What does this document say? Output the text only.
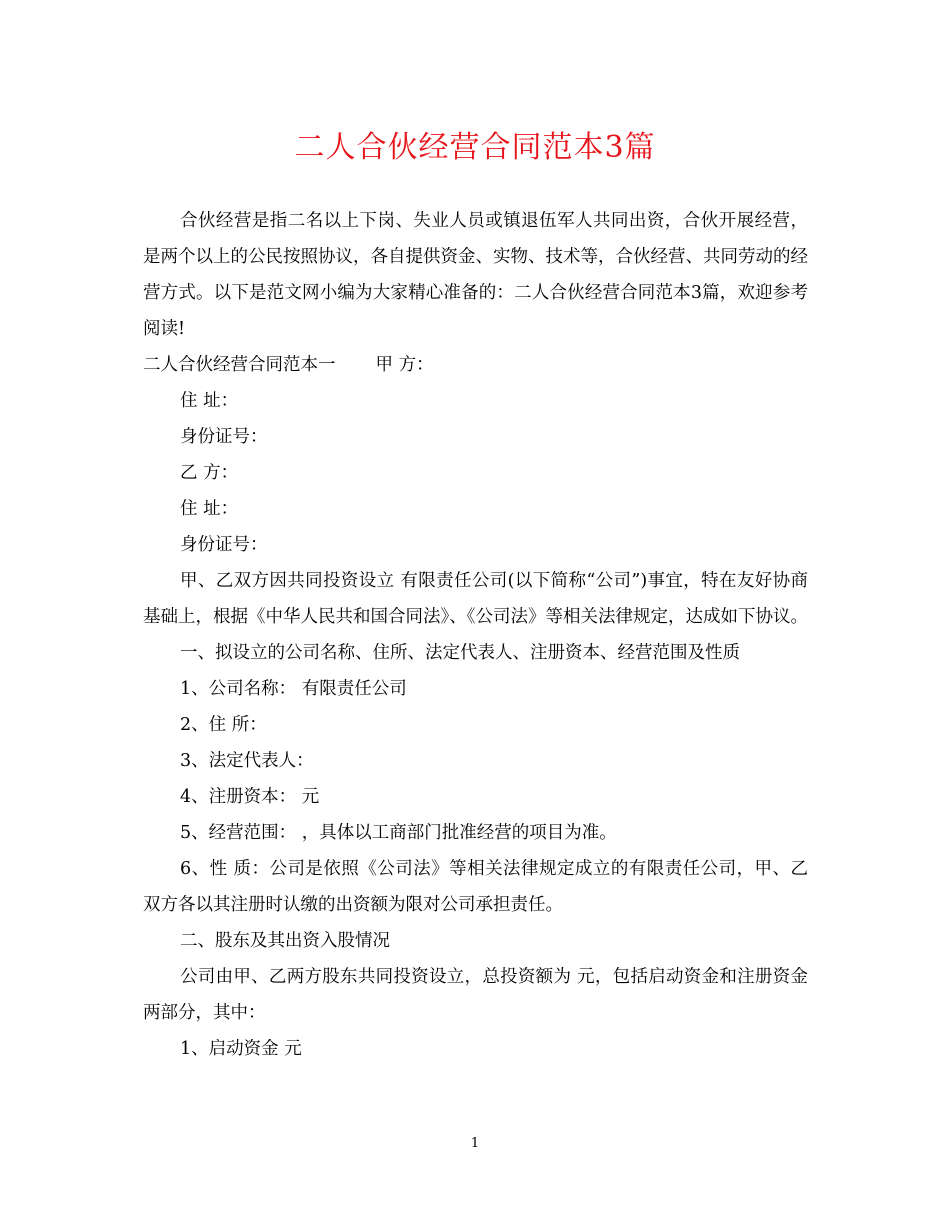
二人合伙经营合同范本3篇

合伙经营是指二名以上下岗、失业人员或镇退伍军人共同出资，合伙开展经营，是两个以上的公民按照协议，各自提供资金、实物、技术等，合伙经营、共同劳动的经营方式。以下是范文网小编为大家精心准备的：二人合伙经营合同范本3篇，欢迎参考阅读!

二人合伙经营合同范本一 甲 方：

住 址：

身份证号：

乙 方：

住 址：

身份证号：

甲、乙双方因共同投资设立 有限责任公司(以下简称“公司”)事宜，特在友好协商基础上，根据《中华人民共和国合同法》、《公司法》等相关法律规定，达成如下协议。

一、拟设立的公司名称、住所、法定代表人、注册资本、经营范围及性质

1、公司名称： 有限责任公司

2、住 所：

3、法定代表人：

4、注册资本： 元

5、经营范围： ，具体以工商部门批准经营的项目为准。

6、性 质：公司是依照《公司法》等相关法律规定成立的有限责任公司，甲、乙双方各以其注册时认缴的出资额为限对公司承担责任。

二、股东及其出资入股情况

公司由甲、乙两方股东共同投资设立，总投资额为 元，包括启动资金和注册资金两部分，其中：

1、启动资金 元

1
